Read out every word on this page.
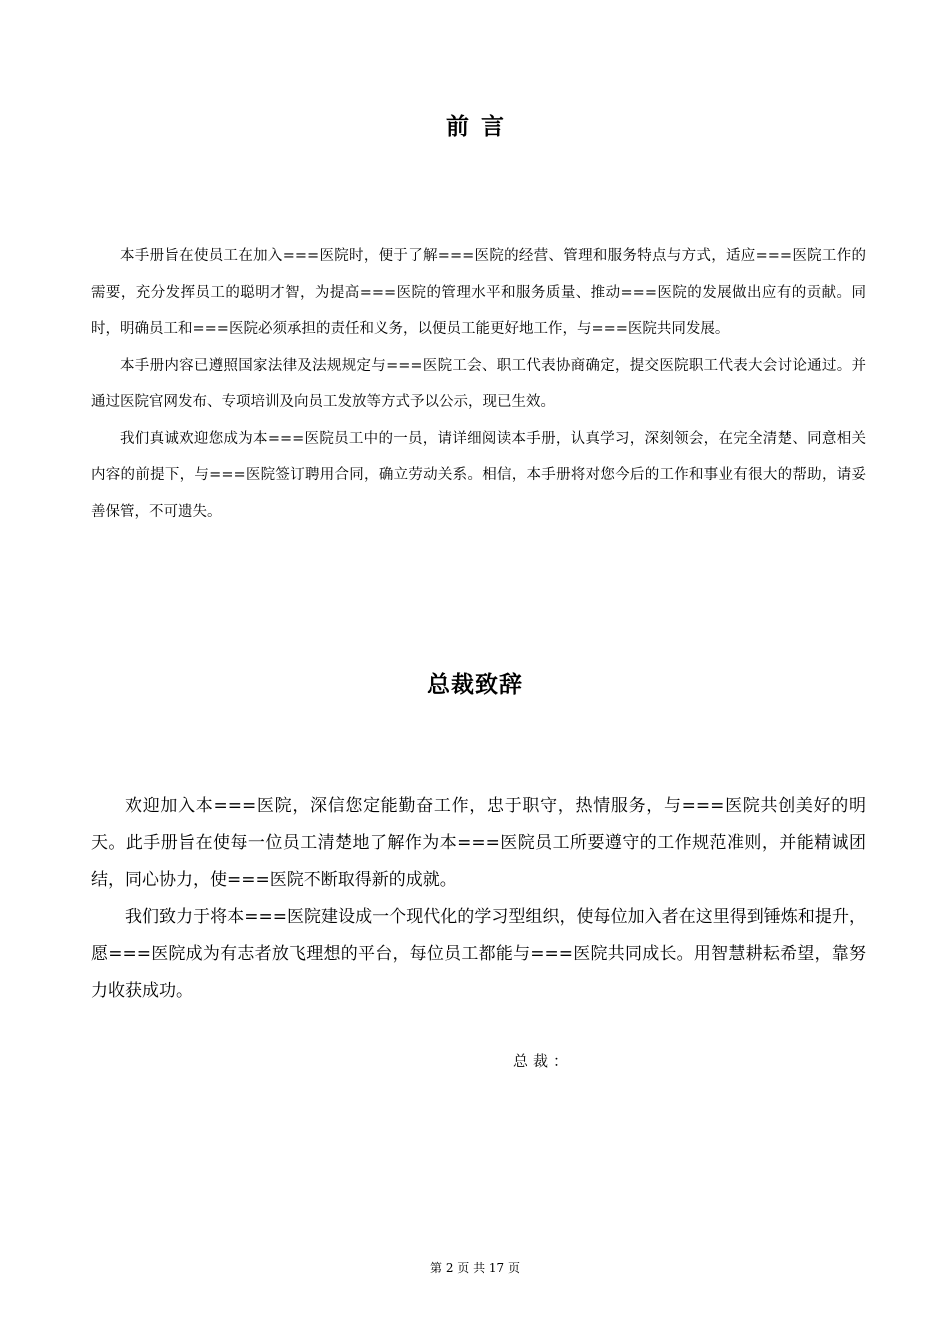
前言

本手册旨在使员工在加入===医院时，便于了解===医院的经营、管理和服务特点与方式，适应===医院工作的需要，充分发挥员工的聪明才智，为提高===医院的管理水平和服务质量、推动===医院的发展做出应有的贡献。同时，明确员工和===医院必须承担的责任和义务，以便员工能更好地工作，与===医院共同发展。

本手册内容已遵照国家法律及法规规定与===医院工会、职工代表协商确定，提交医院职工代表大会讨论通过。并通过医院官网发布、专项培训及向员工发放等方式予以公示，现已生效。

我们真诚欢迎您成为本===医院员工中的一员，请详细阅读本手册，认真学习，深刻领会，在完全清楚、同意相关内容的前提下，与===医院签订聘用合同，确立劳动关系。相信，本手册将对您今后的工作和事业有很大的帮助，请妥善保管，不可遗失。

总裁致辞

欢迎加入本===医院，深信您定能勤奋工作，忠于职守，热情服务，与===医院共创美好的明天。此手册旨在使每一位员工清楚地了解作为本===医院员工所要遵守的工作规范准则，并能精诚团结，同心协力，使===医院不断取得新的成就。

我们致力于将本===医院建设成一个现代化的学习型组织，使每位加入者在这里得到锤炼和提升，愿===医院成为有志者放飞理想的平台，每位员工都能与===医院共同成长。用智慧耕耘希望，靠努力收获成功。

总裁：
第 2 页 共 17 页
